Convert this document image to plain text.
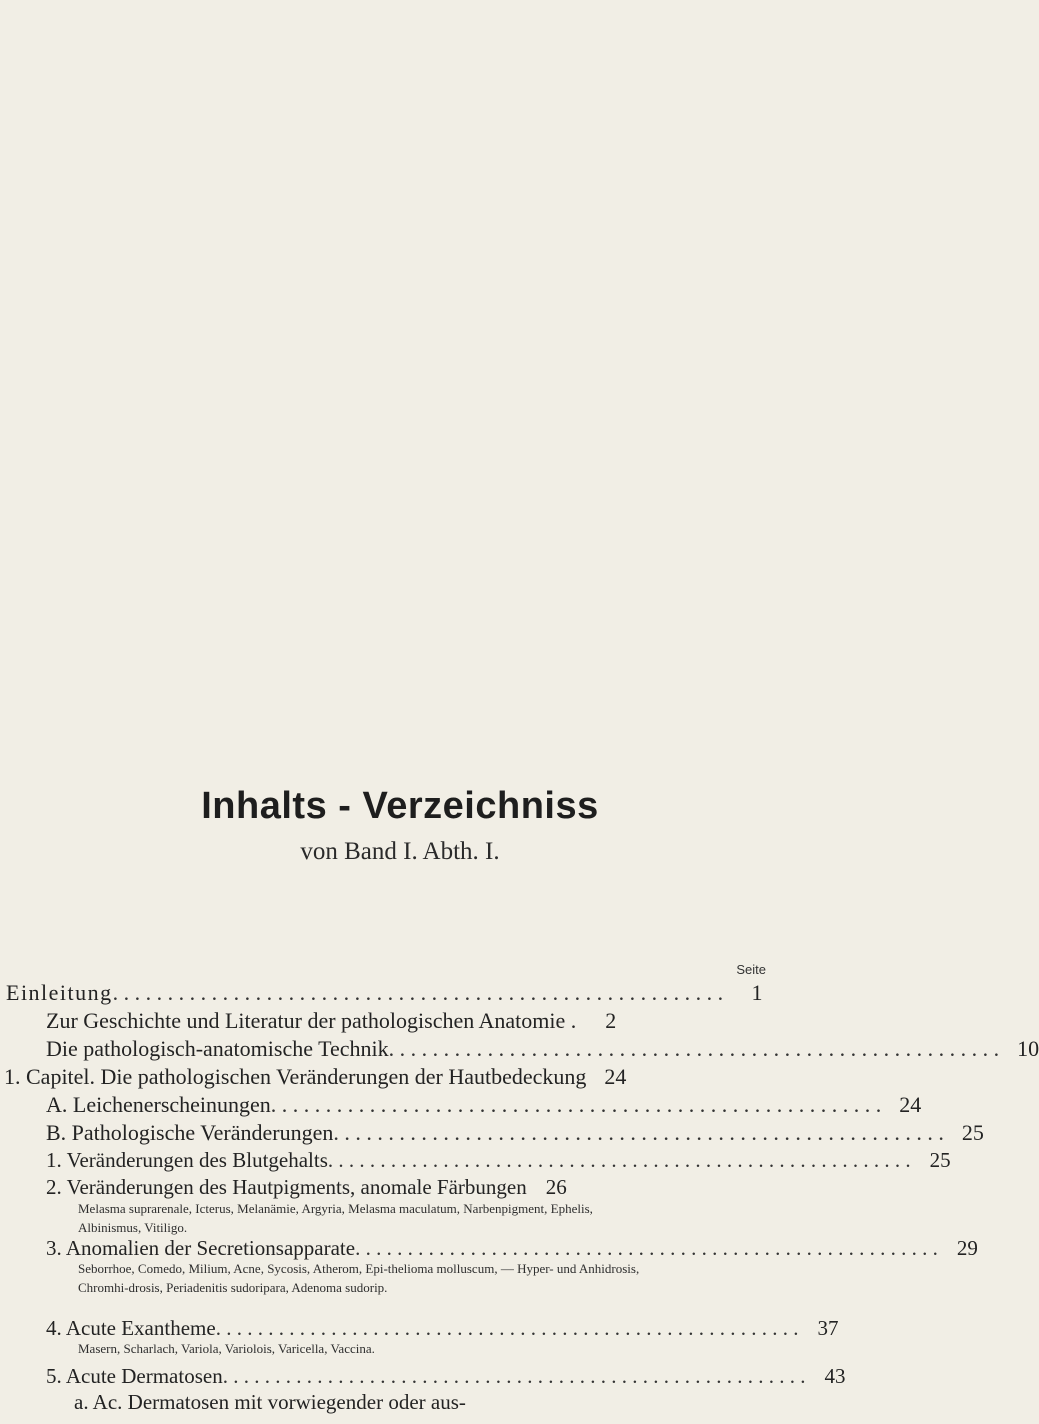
Inhalts - Verzeichniss
von Band I. Abth. I.
Seite
Einleitung . . .	1
Zur Geschichte und Literatur der pathologischen Anatomie .	2
Die pathologisch-anatomische Technik . . .	10
1. Capitel. Die pathologischen Veränderungen der Hautbedeckung 24
A. Leichenerscheinungen . . .	24
B. Pathologische Veränderungen . . .	25
1. Veränderungen des Blutgehalts . . .	25
2. Veränderungen des Hautpigments, anomale Färbungen 26
Melasma suprarenale, Icterus, Melanämie, Argyria, Melasma maculatum, Narbenpigment, Ephelis, Albinismus, Vitiligo.
3. Anomalien der Secretionsapparate . . .	29
Seborrhoe, Comedo, Milium, Acne, Sycosis, Atherom, Epi-thelioma molluscum, — Hyper- und Anhidrosis, Chromhi-drosis, Periadenitis sudoripara, Adenoma sudorip.
4. Acute Exantheme . . .	37
Masern, Scharlach, Variola, Variolois, Varicella, Vaccina.
5. Acute Dermatosen . . .	43
a. Ac. Dermatosen mit vorwiegender oder aus-
